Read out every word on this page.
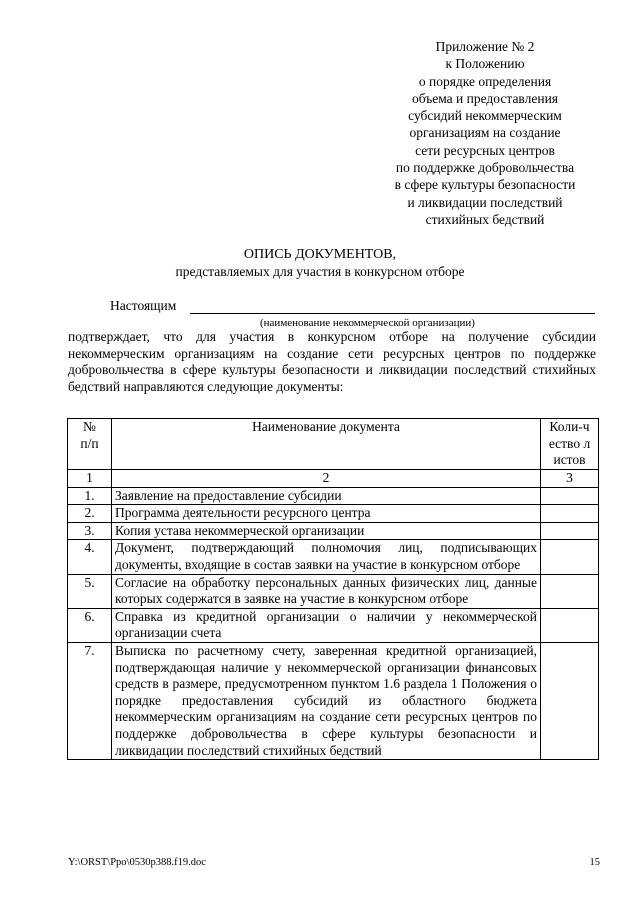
Приложение № 2
к Положению
о порядке определения
объема и предоставления
субсидий некоммерческим
организациям на создание
сети ресурсных центров
по поддержке добровольчества
в сфере культуры безопасности
и ликвидации последствий
стихийных бедствий
ОПИСЬ ДОКУМЕНТОВ,
представляемых для участия в конкурсном отборе
Настоящим
(наименование некоммерческой организации)
подтверждает, что для участия в конкурсном отборе на получение субсидии некоммерческим организациям на создание сети ресурсных центров по поддержке добровольчества в сфере культуры безопасности и ликвидации последствий стихийных бедствий направляются следующие документы:
№ п/п	Наименование документа	Коли-чество листов
1	2	3
1.	Заявление на предоставление субсидии	
2.	Программа деятельности ресурсного центра	
3.	Копия устава некоммерческой организации	
4.	Документ, подтверждающий полномочия лиц, подписывающих документы, входящие в состав заявки на участие в конкурсном отборе	
5.	Согласие на обработку персональных данных физических лиц, данные которых содержатся в заявке на участие в конкурсном отборе	
6.	Справка из кредитной организации о наличии у некоммерческой организации счета	
7.	Выписка по расчетному счету, заверенная кредитной организацией, подтверждающая наличие у некоммерческой организации финансовых средств в размере, предусмотренном пунктом 1.6 раздела 1 Положения о порядке предоставления субсидий из областного бюджета некоммерческим организациям на создание сети ресурсных центров по поддержке добровольчества в сфере культуры безопасности и ликвидации последствий стихийных бедствий	
Y:\ORST\Ppo\0530p388.f19.doc	15
